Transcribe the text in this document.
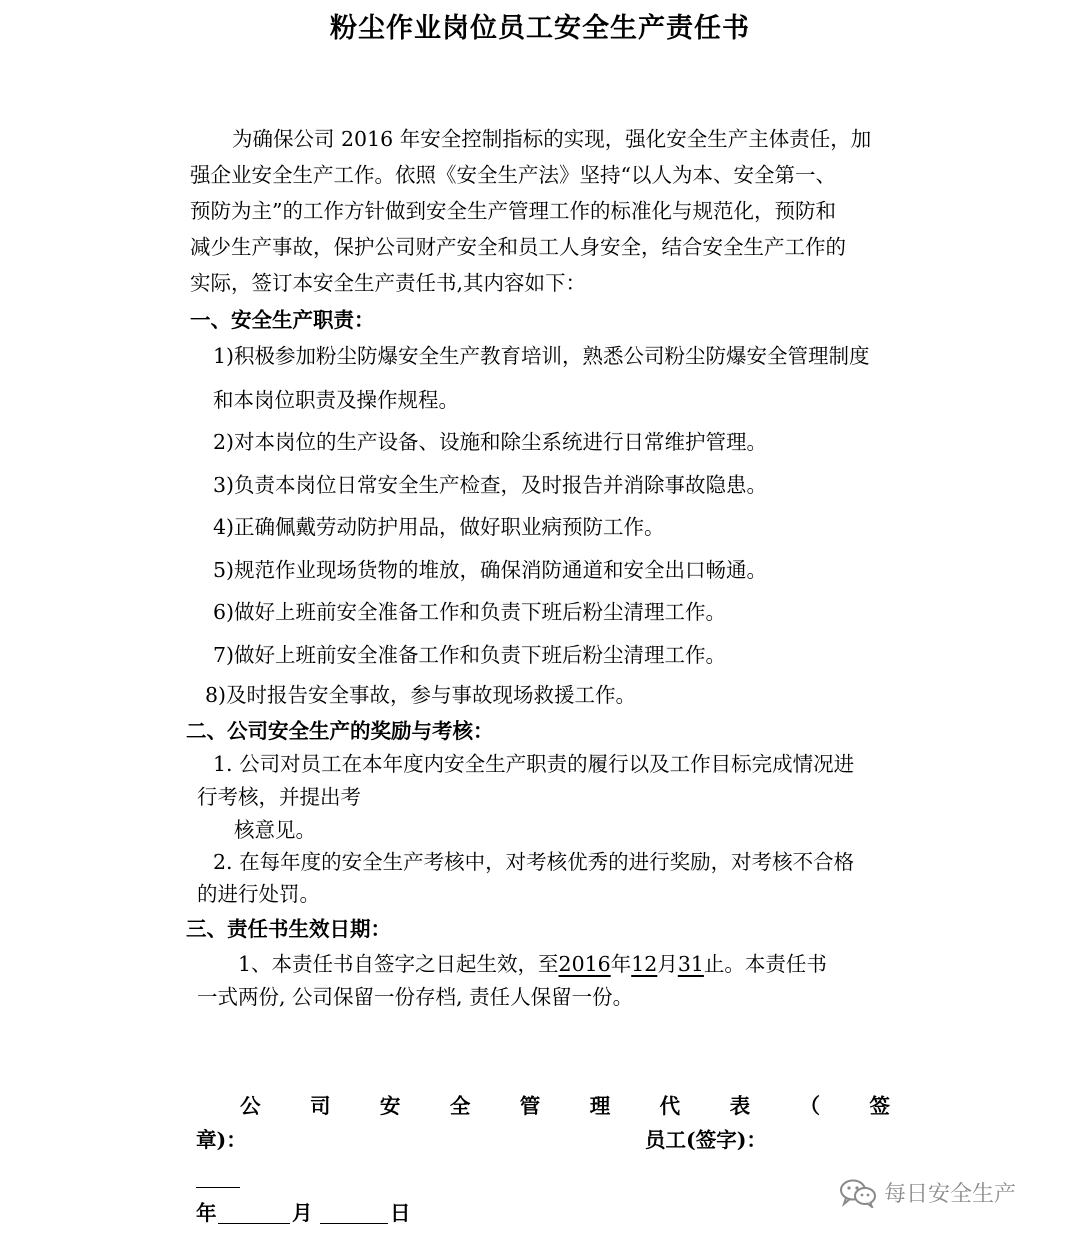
粉尘作业岗位员工安全生产责任书
为确保公司 2016 年安全控制指标的实现，强化安全生产主体责任，加
强企业安全生产工作。依照《安全生产法》坚持“以人为本、安全第一、
预防为主”的工作方针做到安全生产管理工作的标准化与规范化，预防和
减少生产事故，保护公司财产安全和员工人身安全，结合安全生产工作的
实际，签订本安全生产责任书,其内容如下：
一、安全生产职责：
1)积极参加粉尘防爆安全生产教育培训，熟悉公司粉尘防爆安全管理制度
和本岗位职责及操作规程。
2)对本岗位的生产设备、设施和除尘系统进行日常维护管理。
3)负责本岗位日常安全生产检查，及时报告并消除事故隐患。
4)正确佩戴劳动防护用品，做好职业病预防工作。
5)规范作业现场货物的堆放，确保消防通道和安全出口畅通。
6)做好上班前安全准备工作和负责下班后粉尘清理工作。
7)做好上班前安全准备工作和负责下班后粉尘清理工作。
8)及时报告安全事故，参与事故现场救援工作。
二、公司安全生产的奖励与考核：
1. 公司对员工在本年度内安全生产职责的履行以及工作目标完成情况进
行考核，并提出考
核意见。
2. 在每年度的安全生产考核中，对考核优秀的进行奖励，对考核不合格
的进行处罚。
三、责任书生效日期：
1、本责任书自签字之日起生效，至2016年12月31止。本责任书
一式两份, 公司保留一份存档, 责任人保留一份。
公 司 安 全 管 理 代 表 （ 签
章)：	员工(签字)：
年	月	日
每日安全生产
